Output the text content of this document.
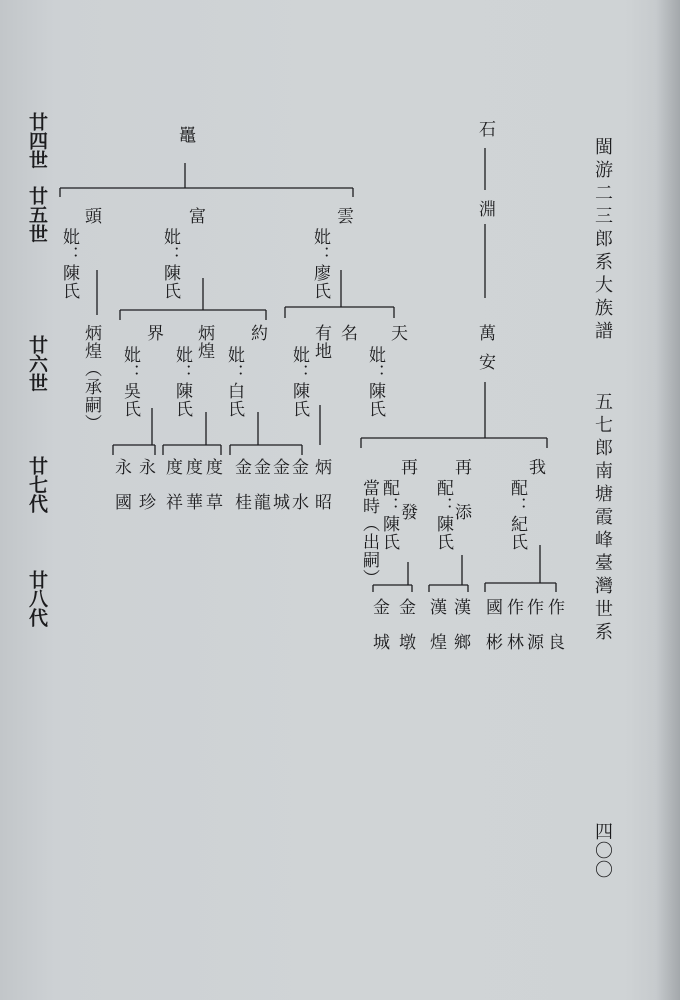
廿四世
廿五世
廿六世
廿七代
廿八代
閩游二三郎系大族譜
五七郎南塘霞峰臺灣世系
四〇〇
鼉	石
頭
妣：陳氏
富
妣：陳氏
雲
妣：廖氏
淵
炳煌（承嗣） 界
妣：吳氏
炳煌
妣：陳氏
約
妣：白氏
有地
妣：陳氏
名 天
妣：陳氏	萬安
永國 永珍 度祥 度華 度草 金桂 金龍 金城 金水 炳昭	再發
配：陳氏
當時（出嗣）	再添
配：陳氏
我
配：紀氏
金城 金墩 漢煌 漢鄉 國彬 作林 作源 作良
